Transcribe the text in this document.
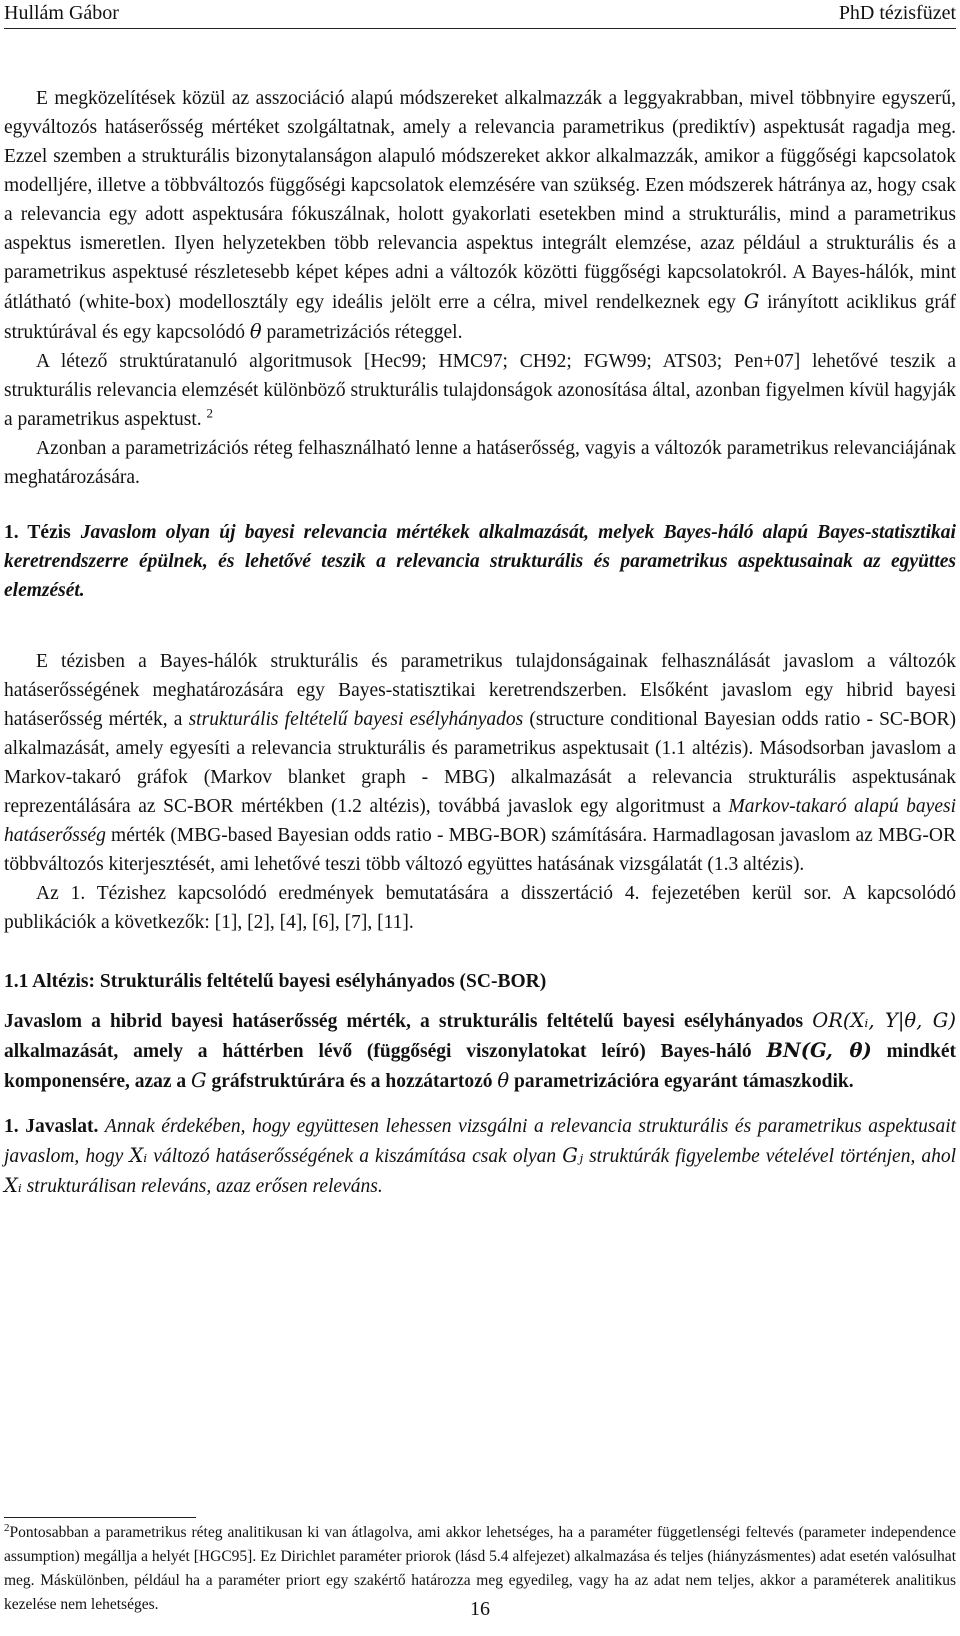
Hullám Gábor	PhD tézisfüzet

E megközelítések közül az asszociáció alapú módszereket alkalmazzák a leggyakrabban, mivel többnyire egyszerű, egyváltozós hatáserősség mértéket szolgáltatnak, amely a relevancia parametrikus (prediktív) aspektusát ragadja meg. Ezzel szemben a strukturális bizonytalanságon alapuló módszereket akkor alkalmazzák, amikor a függőségi kapcsolatok modelljére, illetve a többváltozós függőségi kapcsolatok elemzésére van szükség. Ezen módszerek hátránya az, hogy csak a relevancia egy adott aspektusára fókuszálnak, holott gyakorlati esetekben mind a strukturális, mind a parametrikus aspektus ismeretlen. Ilyen helyzetekben több relevancia aspektus integrált elemzése, azaz például a strukturális és a parametrikus aspektusé részletesebb képet képes adni a változók közötti függőségi kapcsolatokról. A Bayes-hálók, mint átlátható (white-box) modellosztály egy ideális jelölt erre a célra, mivel rendelkeznek egy G irányított aciklikus gráf struktúrával és egy kapcsolódó θ parametrizációs réteggel.

A létező struktúratanuló algoritmusok [Hec99; HMC97; CH92; FGW99; ATS03; Pen+07] lehetővé teszik a strukturális relevancia elemzését különböző strukturális tulajdonságok azonosítása által, azonban figyelmen kívül hagyják a parametrikus aspektust. $^2$

Azonban a parametrizációs réteg felhasználható lenne a hatáserősség, vagyis a változók parametrikus relevanciájának meghatározására.

1. Tézis Javaslom olyan új bayesi relevancia mértékek alkalmazását, melyek Bayes-háló alapú Bayes-statisztikai keretrendszerre épülnek, és lehetővé teszik a relevancia strukturális és parametrikus aspektusainak az együttes elemzését.

E tézisben a Bayes-hálók strukturális és parametrikus tulajdonságainak felhasználását javaslom a változók hatáserősségének meghatározására egy Bayes-statisztikai keretrendszerben. Elsőként javaslom egy hibrid bayesi hatáserősség mérték, a strukturális feltételű bayesi esélyhányados (structure conditional Bayesian odds ratio - SC-BOR) alkalmazását, amely egyesíti a relevancia strukturális és parametrikus aspektusait (1.1 altézis). Másodsorban javaslom a Markov-takaró gráfok (Markov blanket graph - MBG) alkalmazását a relevancia strukturális aspektusának reprezentálására az SC-BOR mértékben (1.2 altézis), továbbá javaslok egy algoritmust a Markov-takaró alapú bayesi hatáserősség mérték (MBG-based Bayesian odds ratio - MBG-BOR) számítására. Harmadlagosan javaslom az MBG-OR többváltozós kiterjesztését, ami lehetővé teszi több változó együttes hatásának vizsgálatát (1.3 altézis).

Az 1. Tézishez kapcsolódó eredmények bemutatására a disszertáció 4. fejezetében kerül sor. A kapcsolódó publikációk a következők: [1], [2], [4], [6], [7], [11].

1.1 Altézis: Strukturális feltételű bayesi esélyhányados (SC-BOR)

Javaslom a hibrid bayesi hatáserősség mérték, a strukturális feltételű bayesi esélyhányados OR(Xᵢ, Y|θ, G) alkalmazását, amely a háttérben lévő (függőségi viszonylatokat leíró) Bayes-háló BN(G, θ) mindkét komponensére, azaz a G gráfstruktúrára és a hozzátartozó θ parametrizációra egyaránt támaszkodik.

1. Javaslat. Annak érdekében, hogy együttesen lehessen vizsgálni a relevancia strukturális és parametrikus aspektusait javaslom, hogy Xᵢ változó hatáserősségének a kiszámítása csak olyan Gⱼ struktúrák figyelembe vételével történjen, ahol Xᵢ strukturálisan releváns, azaz erősen releváns.

$^2$Pontosabban a parametrikus réteg analitikusan ki van átlagolva, ami akkor lehetséges, ha a paraméter függetlenségi feltevés (parameter independence assumption) megállja a helyét [HGC95]. Ez Dirichlet paraméter priorok (lásd 5.4 alfejezet) alkalmazása és teljes (hiányzásmentes) adat esetén valósulhat meg. Máskülönben, például ha a paraméter priort egy szakértő határozza meg egyedileg, vagy ha az adat nem teljes, akkor a paraméterek analitikus kezelése nem lehetséges.	16
